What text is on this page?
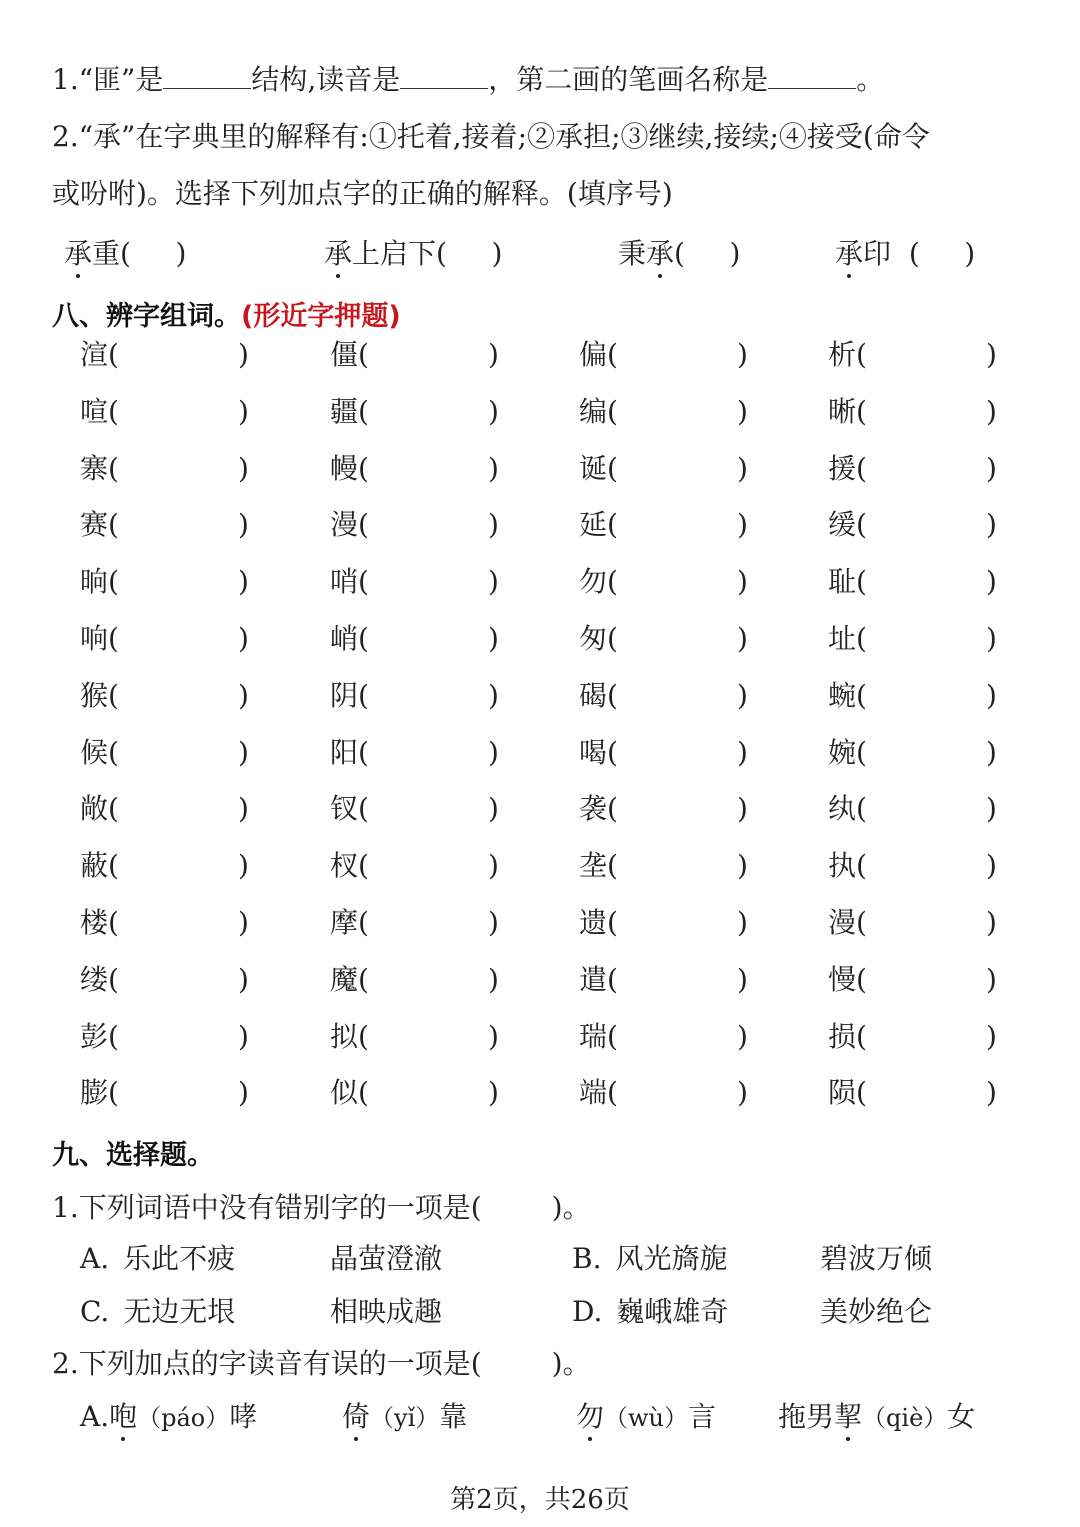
1.“匪”是	结构,读音是	，第二画的笔画名称是	。
2.“承”在字典里的解释有:①托着,接着;②承担;③继续,接续;④接受(命令
或吩咐)。选择下列加点字的正确的解释。(填序号)
承重(     )	承上启下(     )	秉承(     )	承印  (     )
八、辨字组词。(形近字押题)
渲(	)	僵(	)	偏(	)	析(	)
喧(	)	疆(	)	编(	)	晰(	)
寨(	)	幔(	)	诞(	)	援(	)
赛(	)	漫(	)	延(	)	缓(	)
晌(	)	哨(	)	勿(	)	耻(	)
响(	)	峭(	)	匆(	)	址(	)
猴(	)	阴(	)	碣(	)	蜿(	)
候(	)	阳(	)	喝(	)	婉(	)
敞(	)	钗(	)	袭(	)	纨(	)
蔽(	)	杈(	)	垄(	)	执(	)
楼(	)	摩(	)	遗(	)	漫(	)
缕(	)	魔(	)	遣(	)	慢(	)
彭(	)	拟(	)	瑞(	)	损(	)
膨(	)	似(	)	端(	)	陨(	)
九、选择题。
1.下列词语中没有错别字的一项是(	)。
A. 乐此不疲	晶萤澄澈	B. 风光旖旎	碧波万倾
C. 无边无垠	相映成趣	D. 巍峨雄奇	美妙绝仑
2.下列加点的字读音有误的一项是(	)。
A.咆（páo）哮	倚（yǐ）靠	勿（wù）言 拖男挈（qiè）女
第2页，共26页
